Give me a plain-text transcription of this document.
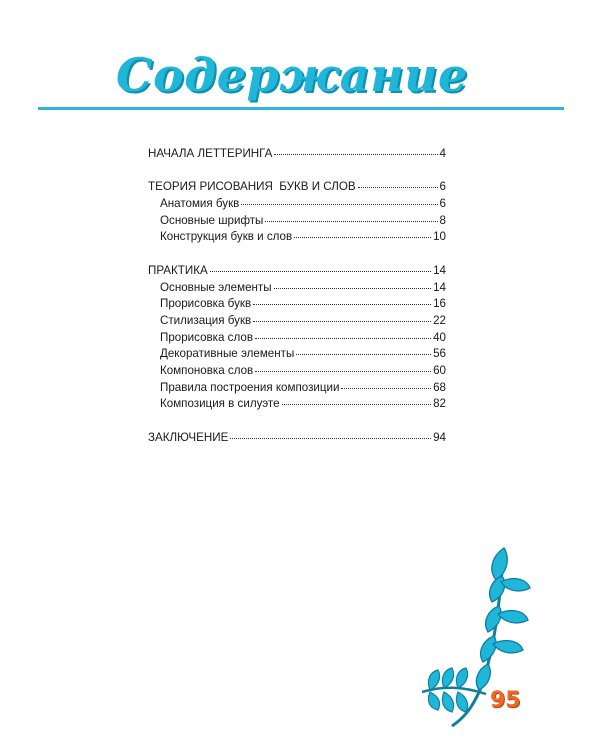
Содержание
НАЧАЛА ЛЕТТЕРИНГА	4
ТЕОРИЯ РИСОВАНИЯ  БУКВ И СЛОВ	6
Анатомия букв	6
Основные шрифты	8
Конструкция букв и слов	10
ПРАКТИКА	14
Основные элементы	14
Прорисовка букв	16
Стилизация букв	22
Прорисовка слов	40
Декоративные элементы	56
Компоновка слов	60
Правила построения композиции	68
Композиция в силуэте	82
ЗАКЛЮЧЕНИЕ	94
95
